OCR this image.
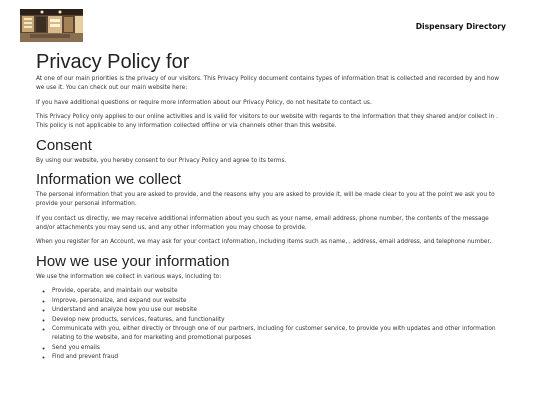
Dispensary Directory
Privacy Policy for

At one of our main priorities is the privacy of our visitors. This Privacy Policy document contains types of information that is collected and recorded by and how we use it. You can check out our main website here:

If you have additional questions or require more information about our Privacy Policy, do not hesitate to contact us.

This Privacy Policy only applies to our online activities and is valid for visitors to our website with regards to the information that they shared and/or collect in . This policy is not applicable to any information collected offline or via channels other than this website.

Consent

By using our website, you hereby consent to our Privacy Policy and agree to its terms.

Information we collect

The personal information that you are asked to provide, and the reasons why you are asked to provide it, will be made clear to you at the point we ask you to provide your personal information.

If you contact us directly, we may receive additional information about you such as your name, email address, phone number, the contents of the message and/or attachments you may send us, and any other information you may choose to provide.

When you register for an Account, we may ask for your contact information, including items such as name, , address, email address, and telephone number.

How we use your information

We use the information we collect in various ways, including to:

◦ Provide, operate, and maintain our website
◦ Improve, personalize, and expand our website
◦ Understand and analyze how you use our website
◦ Develop new products, services, features, and functionality
◦ Communicate with you, either directly or through one of our partners, including for customer service, to provide you with updates and other information relating to the website, and for marketing and promotional purposes
◦ Send you emails
◦ Find and prevent fraud
